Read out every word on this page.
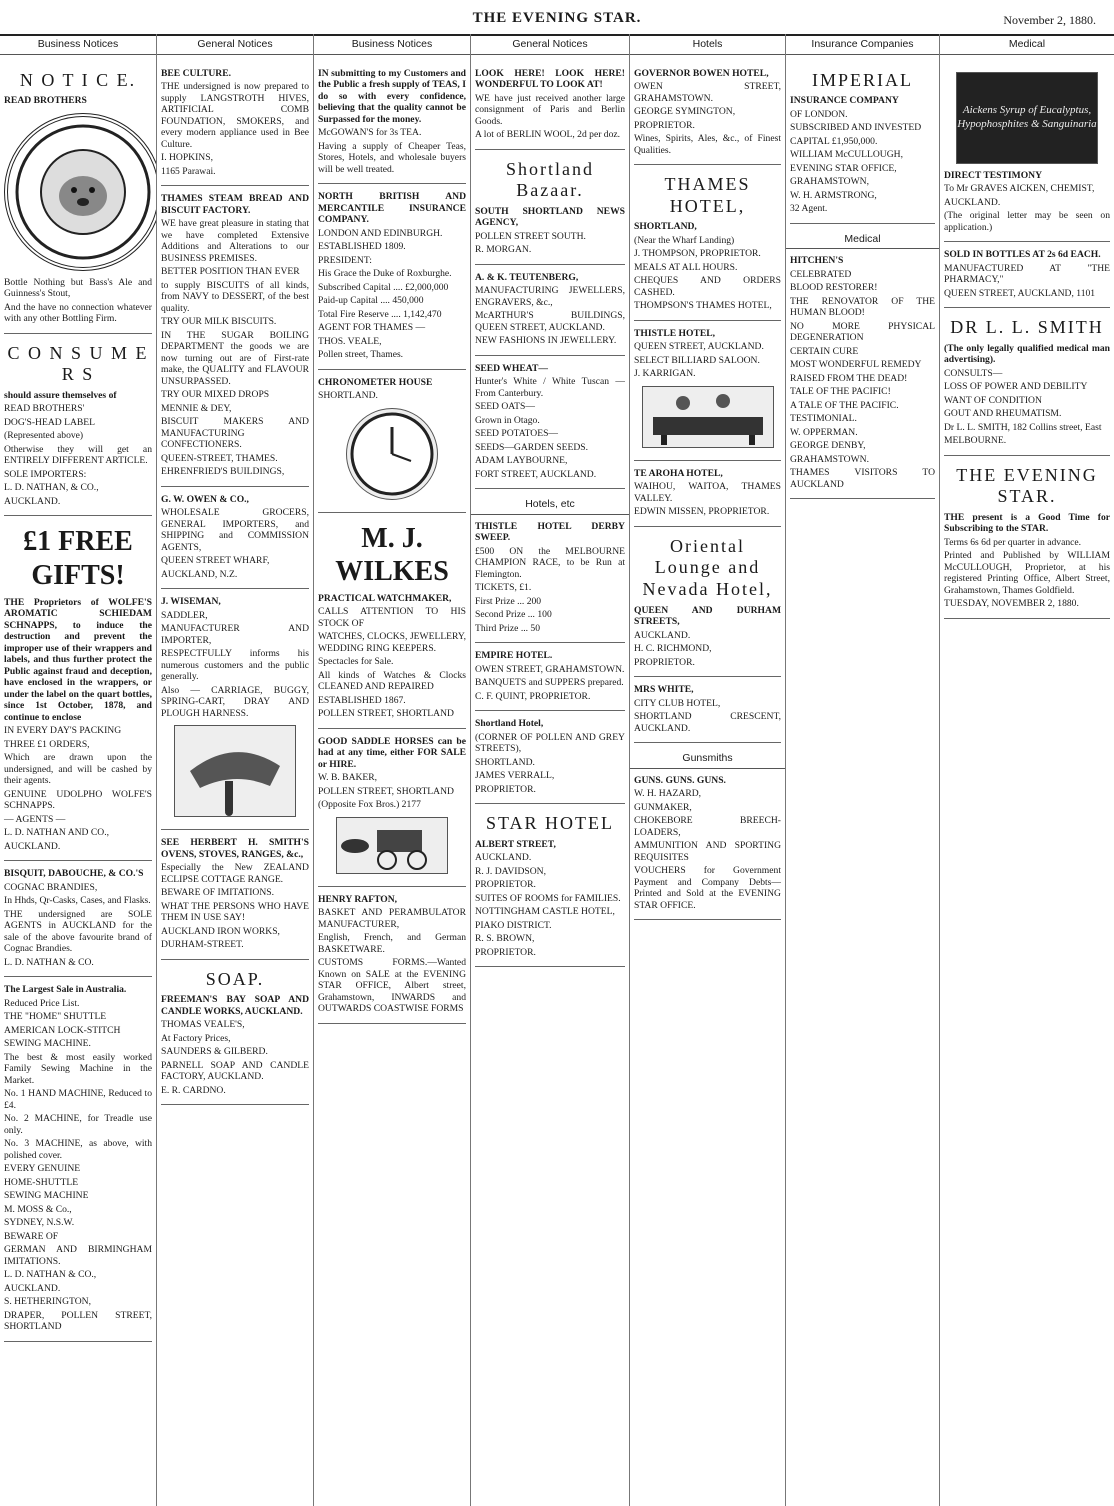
THE EVENING STAR.	November 2, 1880.
Business Notices
N O T I C E.

READ BROTHERS

Bottle Nothing but Bass's Ale and Guinness's Stout,

And the have no connection whatever with any other Bottling Firm.

C O N S U M E R S

should assure themselves of

READ BROTHERS'

DOG'S-HEAD LABEL

(Represented above)

Otherwise they will get an ENTIRELY DIFFERENT ARTICLE.

SOLE IMPORTERS:

L. D. NATHAN, & CO.,

AUCKLAND.

£1 FREE GIFTS!

THE Proprietors of WOLFE'S AROMATIC SCHIEDAM SCHNAPPS, to induce the destruction and prevent the improper use of their wrappers and labels, and thus further protect the Public against fraud and deception, have enclosed in the wrappers, or under the label on the quart bottles, since 1st October, 1878, and continue to enclose

IN EVERY DAY'S PACKING

THREE £1 ORDERS,

Which are drawn upon the undersigned, and will be cashed by their agents.

GENUINE UDOLPHO WOLFE'S SCHNAPPS.

— AGENTS —

L. D. NATHAN AND CO.,

AUCKLAND.

BISQUIT, DABOUCHE, & CO.'S

COGNAC BRANDIES,

In Hhds, Qr-Casks, Cases, and Flasks.

THE undersigned are SOLE AGENTS in AUCKLAND for the sale of the above favourite brand of Cognac Brandies.

L. D. NATHAN & CO.

The Largest Sale in Australia.

Reduced Price List.

THE "HOME" SHUTTLE

AMERICAN LOCK-STITCH

SEWING MACHINE.

The best & most easily worked Family Sewing Machine in the Market.

No. 1 HAND MACHINE, Reduced to £4.

No. 2 MACHINE, for Treadle use only.

No. 3 MACHINE, as above, with polished cover.

EVERY GENUINE

HOME-SHUTTLE

SEWING MACHINE

M. MOSS & Co.,

SYDNEY, N.S.W.

BEWARE OF

GERMAN AND BIRMINGHAM IMITATIONS.

L. D. NATHAN & CO.,

AUCKLAND.

S. HETHERINGTON,

DRAPER, POLLEN STREET, SHORTLAND

General Notices

BEE CULTURE.

THE undersigned is now prepared to supply LANGSTROTH HIVES, ARTIFICIAL COMB FOUNDATION, SMOKERS, and every modern appliance used in Bee Culture.

I. HOPKINS,

1165 Parawai.

THAMES STEAM BREAD AND BISCUIT FACTORY.

WE have great pleasure in stating that we have completed Extensive Additions and Alterations to our BUSINESS PREMISES.

BETTER POSITION THAN EVER

to supply BISCUITS of all kinds, from NAVY to DESSERT, of the best quality.

TRY OUR MILK BISCUITS.

IN THE SUGAR BOILING DEPARTMENT the goods we are now turning out are of First-rate make, the QUALITY and FLAVOUR UNSURPASSED.

TRY OUR MIXED DROPS

MENNIE & DEY,

BISCUIT MAKERS AND MANUFACTURING CONFECTIONERS.

QUEEN-STREET, THAMES.

EHRENFRIED'S BUILDINGS,

G. W. OWEN & CO.,

WHOLESALE GROCERS, GENERAL IMPORTERS, and SHIPPING and COMMISSION AGENTS,

QUEEN STREET WHARF,

AUCKLAND, N.Z.

J. WISEMAN,

SADDLER,

MANUFACTURER AND IMPORTER,

RESPECTFULLY informs his numerous customers and the public generally.

Also — CARRIAGE, BUGGY, SPRING-CART, DRAY AND PLOUGH HARNESS.

SEE HERBERT H. SMITH'S OVENS, STOVES, RANGES, &c.,

Especially the New ZEALAND ECLIPSE COTTAGE RANGE.

BEWARE OF IMITATIONS.

WHAT THE PERSONS WHO HAVE THEM IN USE SAY!

AUCKLAND IRON WORKS,

DURHAM-STREET.

SOAP.

FREEMAN'S BAY SOAP AND CANDLE WORKS, AUCKLAND.

THOMAS VEALE'S,

At Factory Prices,

SAUNDERS & GILBERD.

PARNELL SOAP AND CANDLE FACTORY, AUCKLAND.

E. R. CARDNO.

Business Notices

IN submitting to my Customers and the Public a fresh supply of TEAS, I do so with every confidence, believing that the quality cannot be Surpassed for the money.

McGOWAN'S for 3s TEA.

Having a supply of Cheaper Teas, Stores, Hotels, and wholesale buyers will be well treated.

NORTH BRITISH AND MERCANTILE INSURANCE COMPANY.

LONDON AND EDINBURGH.

ESTABLISHED 1809.

PRESIDENT:

His Grace the Duke of Roxburghe.

Subscribed Capital .... £2,000,000

Paid-up Capital .... 450,000

Total Fire Reserve .... 1,142,470

AGENT FOR THAMES —

THOS. VEALE,

Pollen street, Thames.

CHRONOMETER HOUSE

SHORTLAND.

M. J. WILKES

PRACTICAL WATCHMAKER,

CALLS ATTENTION TO HIS STOCK OF

WATCHES, CLOCKS, JEWELLERY, WEDDING RING KEEPERS.

Spectacles for Sale.

All kinds of Watches & Clocks CLEANED AND REPAIRED

ESTABLISHED 1867.

POLLEN STREET, SHORTLAND

GOOD SADDLE HORSES can be had at any time, either FOR SALE or HIRE.

W. B. BAKER,

POLLEN STREET, SHORTLAND

(Opposite Fox Bros.) 2177

HENRY RAFTON,

BASKET AND PERAMBULATOR MANUFACTURER,

English, French, and German BASKETWARE.

CUSTOMS FORMS.—Wanted Known on SALE at the EVENING STAR OFFICE, Albert street, Grahamstown, INWARDS and OUTWARDS COASTWISE FORMS

General Notices

LOOK HERE! LOOK HERE! WONDERFUL TO LOOK AT!

WE have just received another large consignment of Paris and Berlin Goods.

A lot of BERLIN WOOL, 2d per doz.

Shortland Bazaar.

SOUTH SHORTLAND NEWS AGENCY,

POLLEN STREET SOUTH.

R. MORGAN.

A. & K. TEUTENBERG,

MANUFACTURING JEWELLERS, ENGRAVERS, &c.,

McARTHUR'S BUILDINGS, QUEEN STREET, AUCKLAND.

NEW FASHIONS IN JEWELLERY.

SEED WHEAT—

Hunter's White / White Tuscan — From Canterbury.

SEED OATS—

Grown in Otago.

SEED POTATOES—

SEEDS—GARDEN SEEDS.

ADAM LAYBOURNE,

FORT STREET, AUCKLAND.

Hotels, etc

THISTLE HOTEL DERBY SWEEP.

£500 ON the MELBOURNE CHAMPION RACE, to be Run at Flemington.

TICKETS, £1.

First Prize ... 200

Second Prize ... 100

Third Prize ... 50

EMPIRE HOTEL.

OWEN STREET, GRAHAMSTOWN.

BANQUETS and SUPPERS prepared.

C. F. QUINT, PROPRIETOR.

Shortland Hotel,

(CORNER OF POLLEN AND GREY STREETS),

SHORTLAND.

JAMES VERRALL,

PROPRIETOR.

STAR HOTEL

ALBERT STREET,

AUCKLAND.

R. J. DAVIDSON,

PROPRIETOR.

SUITES OF ROOMS for FAMILIES.

NOTTINGHAM CASTLE HOTEL,

PIAKO DISTRICT.

R. S. BROWN,

PROPRIETOR.

Hotels

GOVERNOR BOWEN HOTEL,

OWEN STREET, GRAHAMSTOWN.

GEORGE SYMINGTON,

PROPRIETOR.

Wines, Spirits, Ales, &c., of Finest Qualities.

THAMES HOTEL,

SHORTLAND,

(Near the Wharf Landing)

J. THOMPSON, PROPRIETOR.

MEALS AT ALL HOURS.

CHEQUES AND ORDERS CASHED.

THOMPSON'S THAMES HOTEL,

THISTLE HOTEL,

QUEEN STREET, AUCKLAND.

SELECT BILLIARD SALOON.

J. KARRIGAN.

TE AROHA HOTEL,

WAIHOU, WAITOA, THAMES VALLEY.

EDWIN MISSEN, PROPRIETOR.

Oriental Lounge and Nevada Hotel,

QUEEN AND DURHAM STREETS,

AUCKLAND.

H. C. RICHMOND,

PROPRIETOR.

MRS WHITE,

CITY CLUB HOTEL,

SHORTLAND CRESCENT, AUCKLAND.

Gunsmiths

GUNS. GUNS. GUNS.

W. H. HAZARD,

GUNMAKER,

CHOKEBORE BREECH-LOADERS,

AMMUNITION AND SPORTING REQUISITES

VOUCHERS for Government Payment and Company Debts—Printed and Sold at the EVENING STAR OFFICE.

Insurance Companies
IMPERIAL

INSURANCE COMPANY

OF LONDON.

SUBSCRIBED AND INVESTED

CAPITAL £1,950,000.

WILLIAM McCULLOUGH,

EVENING STAR OFFICE,

GRAHAMSTOWN,

W. H. ARMSTRONG,

32 Agent.

Medical

HITCHEN'S

CELEBRATED

BLOOD RESTORER!

THE RENOVATOR OF THE HUMAN BLOOD!

NO MORE PHYSICAL DEGENERATION

CERTAIN CURE

MOST WONDERFUL REMEDY

RAISED FROM THE DEAD!

TALE OF THE PACIFIC!

A TALE OF THE PACIFIC.

TESTIMONIAL.

W. OPPERMAN.

GEORGE DENBY,

GRAHAMSTOWN.

THAMES VISITORS TO AUCKLAND

Medical
Aickens Syrup of Eucalyptus, Hypophosphites & Sanguinaria

DIRECT TESTIMONY

To Mr GRAVES AICKEN, CHEMIST,

AUCKLAND.

(The original letter may be seen on application.)

SOLD IN BOTTLES AT 2s 6d EACH.

MANUFACTURED AT "THE PHARMACY,"

QUEEN STREET, AUCKLAND, 1101

DR L. L. SMITH

(The only legally qualified medical man advertising).

CONSULTS—

LOSS OF POWER AND DEBILITY

WANT OF CONDITION

GOUT AND RHEUMATISM.

Dr L. L. SMITH, 182 Collins street, East

MELBOURNE.

THE EVENING STAR.

THE present is a Good Time for Subscribing to the STAR.

Terms 6s 6d per quarter in advance.

Printed and Published by WILLIAM McCULLOUGH, Proprietor, at his registered Printing Office, Albert Street, Grahamstown, Thames Goldfield.

TUESDAY, NOVEMBER 2, 1880.
